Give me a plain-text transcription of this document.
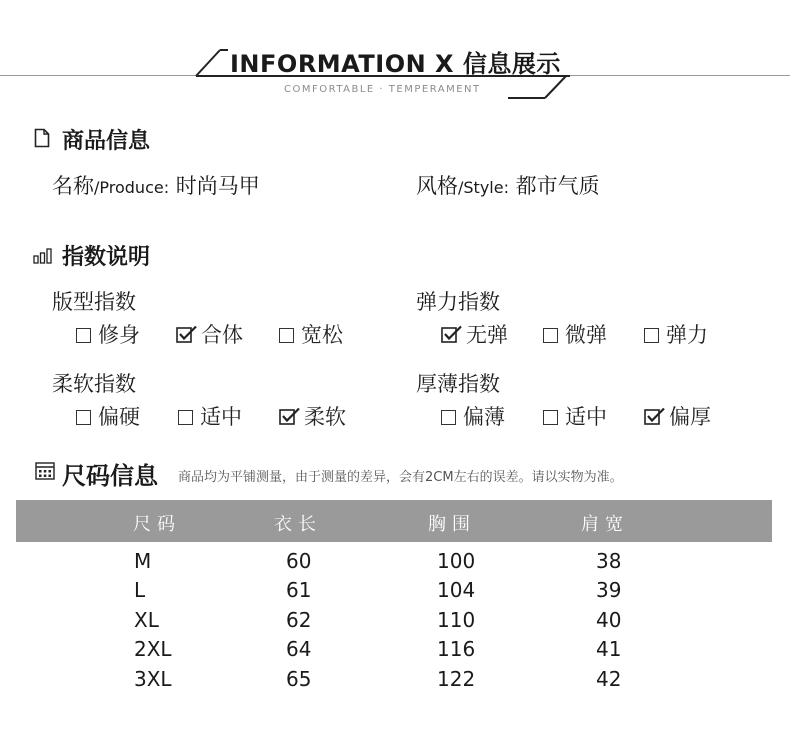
INFORMATION X 信息展示
COMFORTABLE · TEMPERAMENT
商品信息
名称/Produce: 时尚马甲	风格/Style: 都市气质
指数说明
版型指数
修身	合体	宽松
弹力指数
无弹	微弹	弹力
柔软指数
偏硬	适中	柔软
厚薄指数
偏薄	适中	偏厚
尺码信息 商品均为平铺测量，由于测量的差异，会有2CM左右的误差。请以实物为准。
尺码	衣长	胸围	肩宽
M	60	100	38
L	61	104	39
XL	62	110	40
2XL	64	116	41
3XL	65	122	42
